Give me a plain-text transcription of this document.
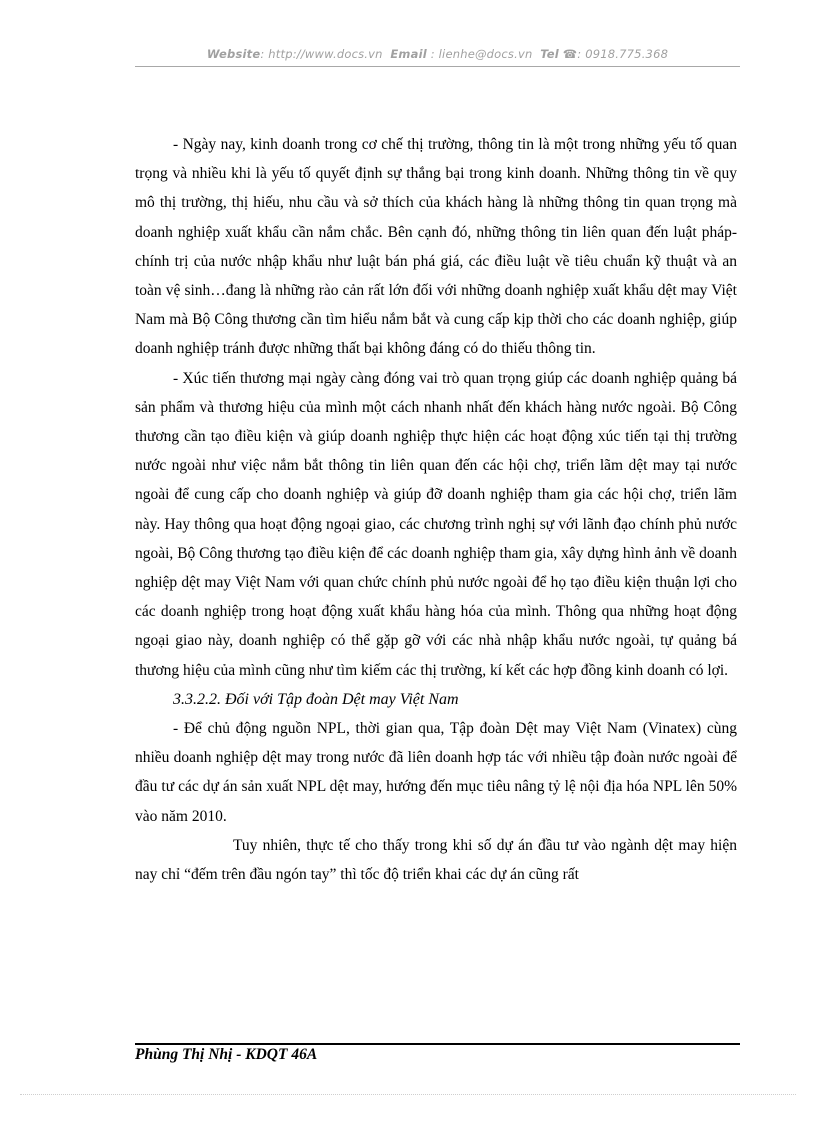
Website: http://www.docs.vn Email : lienhe@docs.vn Tel ☎: 0918.775.368

- Ngày nay, kinh doanh trong cơ chế thị trường, thông tin là một trong những yếu tố quan trọng và nhiều khi là yếu tố quyết định sự thắng bại trong kinh doanh. Những thông tin về quy mô thị trường, thị hiếu, nhu cầu và sở thích của khách hàng là những thông tin quan trọng mà doanh nghiệp xuất khẩu cần nắm chắc. Bên cạnh đó, những thông tin liên quan đến luật pháp- chính trị của nước nhập khẩu như luật bán phá giá, các điều luật về tiêu chuẩn kỹ thuật và an toàn vệ sinh…đang là những rào cản rất lớn đối với những doanh nghiệp xuất khẩu dệt may Việt Nam mà Bộ Công thương cần tìm hiểu nắm bắt và cung cấp kịp thời cho các doanh nghiệp, giúp doanh nghiệp tránh được những thất bại không đáng có do thiếu thông tin.

- Xúc tiến thương mại ngày càng đóng vai trò quan trọng giúp các doanh nghiệp quảng bá sản phẩm và thương hiệu của mình một cách nhanh nhất đến khách hàng nước ngoài. Bộ Công thương cần tạo điều kiện và giúp doanh nghiệp thực hiện các hoạt động xúc tiến tại thị trường nước ngoài như việc nắm bắt thông tin liên quan đến các hội chợ, triển lãm dệt may tại nước ngoài để cung cấp cho doanh nghiệp và giúp đỡ doanh nghiệp tham gia các hội chợ, triển lãm này. Hay thông qua hoạt động ngoại giao, các chương trình nghị sự với lãnh đạo chính phủ nước ngoài, Bộ Công thương tạo điều kiện để các doanh nghiệp tham gia, xây dựng hình ảnh về doanh nghiệp dệt may Việt Nam với quan chức chính phủ nước ngoài để họ tạo điều kiện thuận lợi cho các doanh nghiệp trong hoạt động xuất khẩu hàng hóa của mình. Thông qua những hoạt động ngoại giao này, doanh nghiệp có thể gặp gỡ với các nhà nhập khẩu nước ngoài, tự quảng bá thương hiệu của mình cũng như tìm kiếm các thị trường, kí kết các hợp đồng kinh doanh có lợi.

3.3.2.2. Đối với Tập đoàn Dệt may Việt Nam

- Để chủ động nguồn NPL, thời gian qua, Tập đoàn Dệt may Việt Nam (Vinatex) cùng nhiều doanh nghiệp dệt may trong nước đã liên doanh hợp tác với nhiều tập đoàn nước ngoài để đầu tư các dự án sản xuất NPL dệt may, hướng đến mục tiêu nâng tỷ lệ nội địa hóa NPL lên 50% vào năm 2010.

Tuy nhiên, thực tế cho thấy trong khi số dự án đầu tư vào ngành dệt may hiện nay chỉ “đếm trên đầu ngón tay” thì tốc độ triển khai các dự án cũng rất

Phùng Thị Nhị - KDQT 46A
